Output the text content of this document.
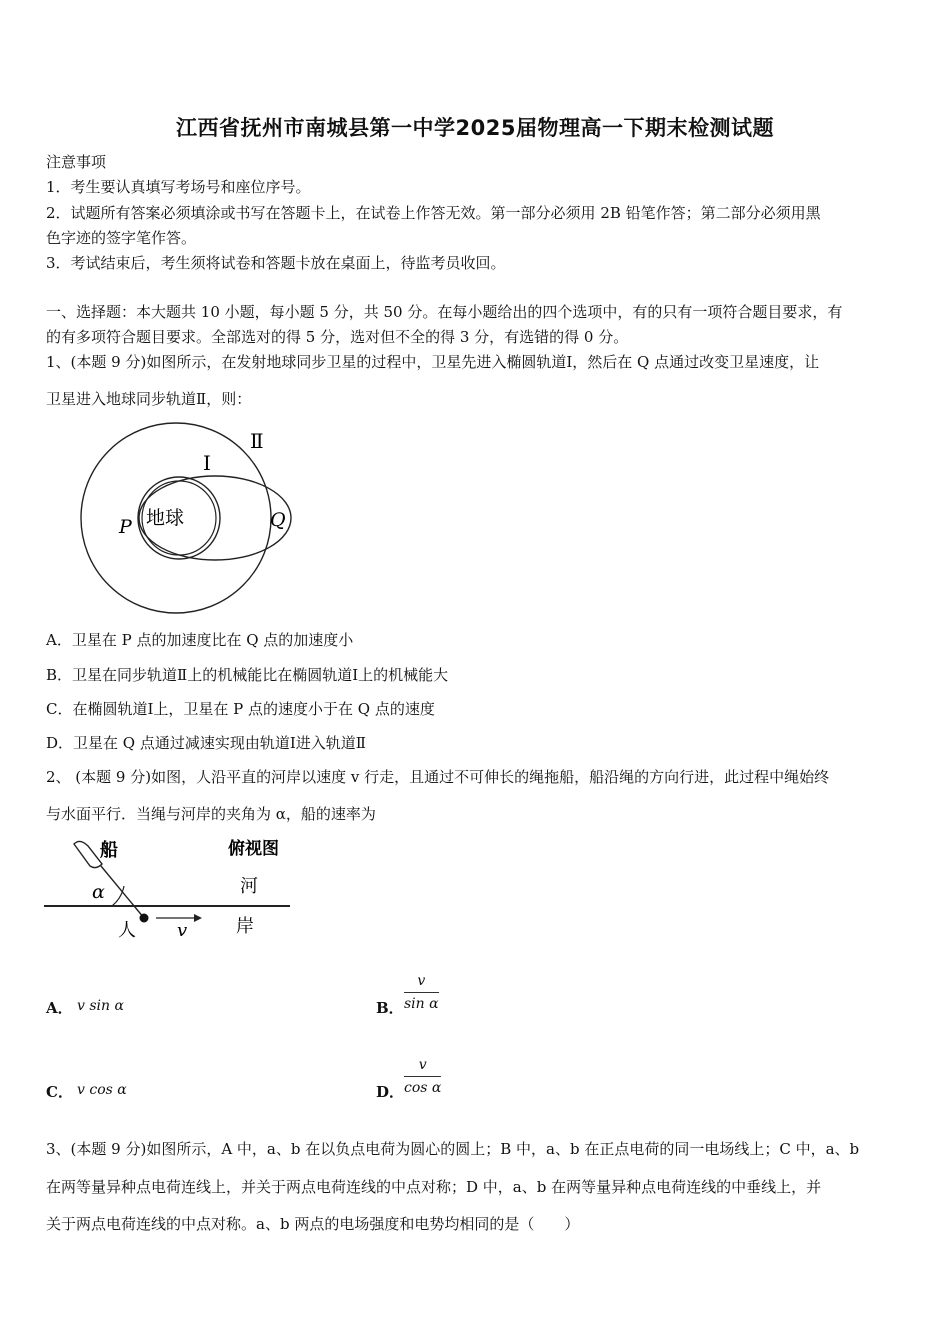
江西省抚州市南城县第一中学2025届物理高一下期末检测试题
注意事项
1．考生要认真填写考场号和座位序号。
2．试题所有答案必须填涂或书写在答题卡上，在试卷上作答无效。第一部分必须用 2B 铅笔作答；第二部分必须用黑
色字迹的签字笔作答。
3．考试结束后，考生须将试卷和答题卡放在桌面上，待监考员收回。
一、选择题：本大题共 10 小题，每小题 5 分，共 50 分。在每小题给出的四个选项中，有的只有一项符合题目要求，有
的有多项符合题目要求。全部选对的得 5 分，选对但不全的得 3 分，有选错的得 0 分。
1、(本题 9 分)如图所示，在发射地球同步卫星的过程中，卫星先进入椭圆轨道Ⅰ，然后在 Q 点通过改变卫星速度，让
卫星进入地球同步轨道Ⅱ，则：
Ⅱ
Ⅰ
地球
P	Q
A．卫星在 P 点的加速度比在 Q 点的加速度小
B．卫星在同步轨道Ⅱ上的机械能比在椭圆轨道Ⅰ上的机械能大
C．在椭圆轨道Ⅰ上，卫星在 P 点的速度小于在 Q 点的速度
D．卫星在 Q 点通过减速实现由轨道Ⅰ进入轨道Ⅱ
2、 (本题 9 分)如图，人沿平直的河岸以速度 v 行走，且通过不可伸长的绳拖船，船沿绳的方向行进，此过程中绳始终
与水面平行．当绳与河岸的夹角为 α，船的速率为
船	俯视图
河
α
人 v	岸
A． v sin α	B． $\frac{v}{\text{sin α}}$
C． v cos α	D． $\frac{v}{\text{cos α}}$
3、(本题 9 分)如图所示，A 中，a、b 在以负点电荷为圆心的圆上；B 中，a、b 在正点电荷的同一电场线上；C 中，a、b
在两等量异种点电荷连线上，并关于两点电荷连线的中点对称；D 中，a、b 在两等量异种点电荷连线的中垂线上，并
关于两点电荷连线的中点对称。a、b 两点的电场强度和电势均相同的是（　　）
